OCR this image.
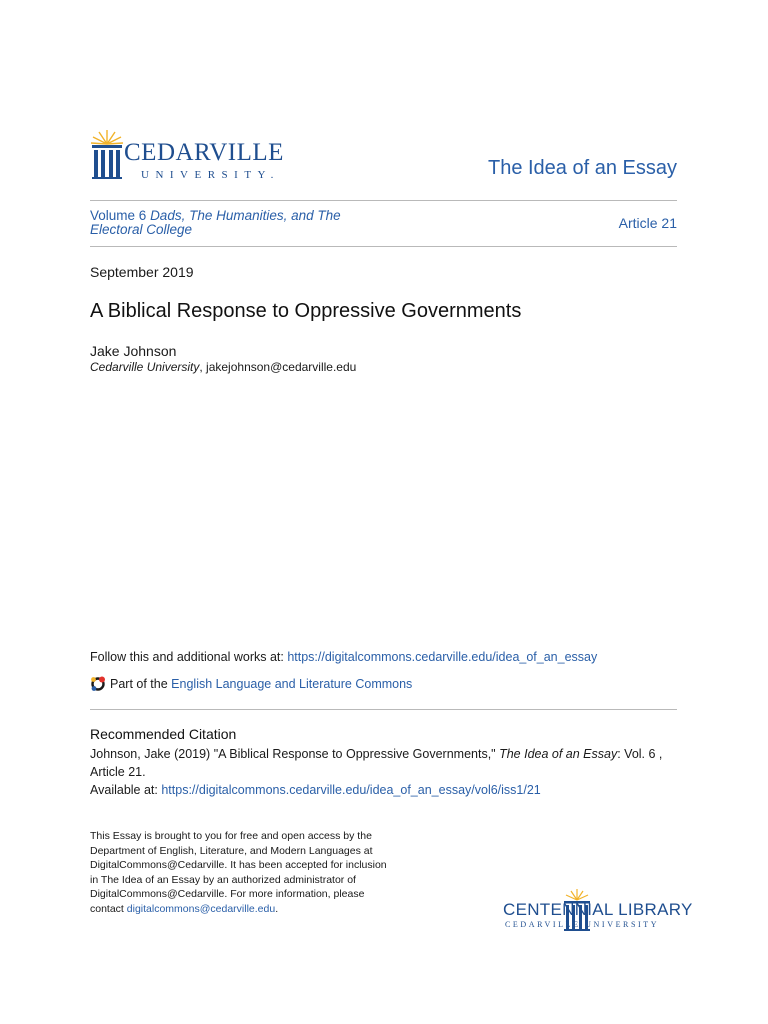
CEDARVILLE
UNIVERSITY.	The Idea of an Essay
Volume 6 Dads, The Humanities, and The Electoral College	Article 21
September 2019
A Biblical Response to Oppressive Governments
Jake Johnson
Cedarville University, jakejohnson@cedarville.edu
Follow this and additional works at: https://digitalcommons.cedarville.edu/idea_of_an_essay
Part of the
English Language and Literature Commons
Recommended Citation
Johnson, Jake (2019) "A Biblical Response to Oppressive Governments," The Idea of an Essay: Vol. 6 , Article 21.
Available at: https://digitalcommons.cedarville.edu/idea_of_an_essay/vol6/iss1/21
This Essay is brought to you for free and open access by the Department of English, Literature, and Modern Languages at DigitalCommons@Cedarville. It has been accepted for inclusion in The Idea of an Essay by an authorized administrator of DigitalCommons@Cedarville. For more information, please contact digitalcommons@cedarville.edu.	CENTENNIAL LIBRARY
CEDARVILLE UNIVERSITY
